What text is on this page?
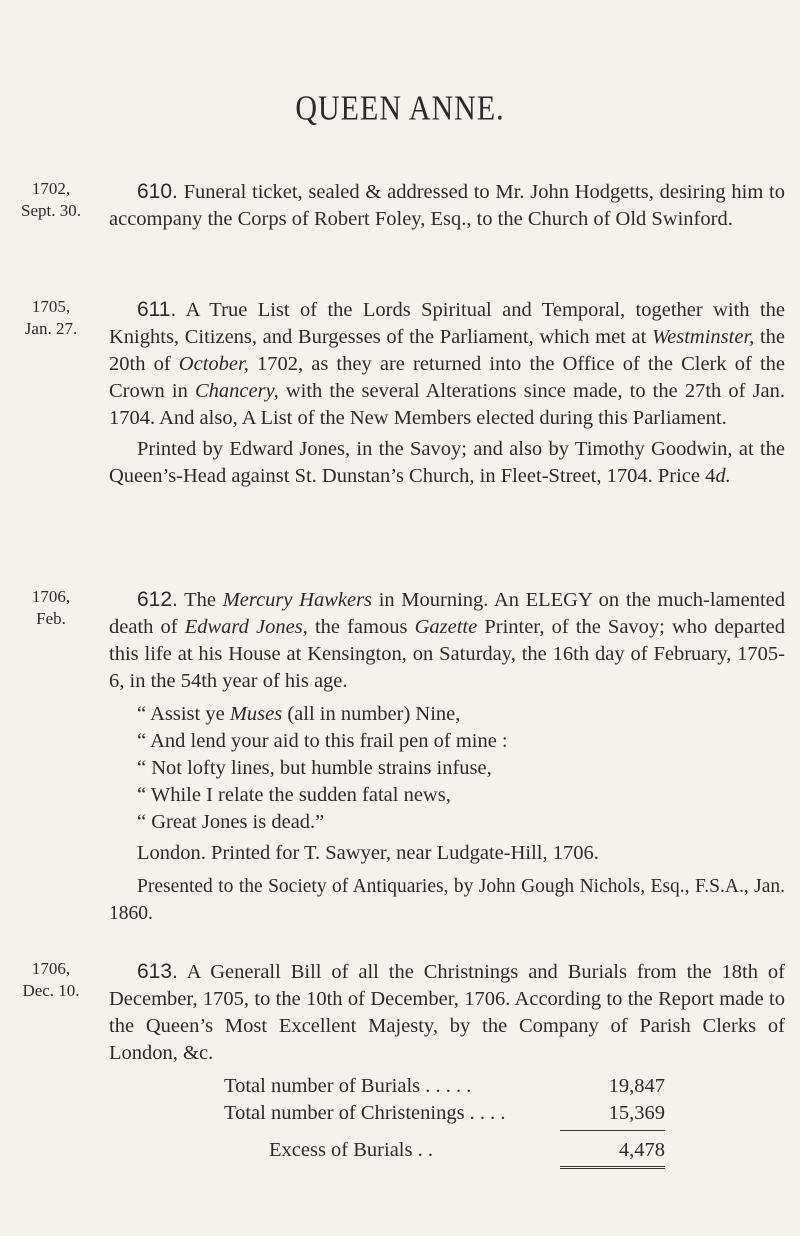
QUEEN ANNE.
1702,
Sept. 30.

610. Funeral ticket, sealed & addressed to Mr. John Hodgetts, desiring him to accompany the Corps of Robert Foley, Esq., to the Church of Old Swinford.

1705,
Jan. 27.

611. A True List of the Lords Spiritual and Temporal, together with the Knights, Citizens, and Burgesses of the Parliament, which met at Westminster, the 20th of October, 1702, as they are returned into the Office of the Clerk of the Crown in Chancery, with the several Alterations since made, to the 27th of Jan. 1704. And also, A List of the New Members elected during this Parliament.

Printed by Edward Jones, in the Savoy; and also by Timothy Goodwin, at the Queen’s-Head against St. Dunstan’s Church, in Fleet-Street, 1704. Price 4d.

1706,
Feb.

612. The Mercury Hawkers in Mourning. An ELEGY on the much-lamented death of Edward Jones, the famous Gazette Printer, of the Savoy; who departed this life at his House at Kensington, on Saturday, the 16th day of February, 1705-6, in the 54th year of his age.

“ Assist ye Muses (all in number) Nine,
“ And lend your aid to this frail pen of mine :
“ Not lofty lines, but humble strains infuse,
“ While I relate the sudden fatal news,
“ Great Jones is dead.”

London. Printed for T. Sawyer, near Ludgate-Hill, 1706.

Presented to the Society of Antiquaries, by John Gough Nichols, Esq., F.S.A., Jan. 1860.

1706,
Dec. 10.

613. A Generall Bill of all the Christnings and Burials from the 18th of December, 1705, to the 10th of December, 1706. According to the Report made to the Queen’s Most Excellent Majesty, by the Company of Parish Clerks of London, &c.

Total number of Burials . . . . .	19,847
Total number of Christenings . . . .	15,369
Excess of Burials . .	4,478
